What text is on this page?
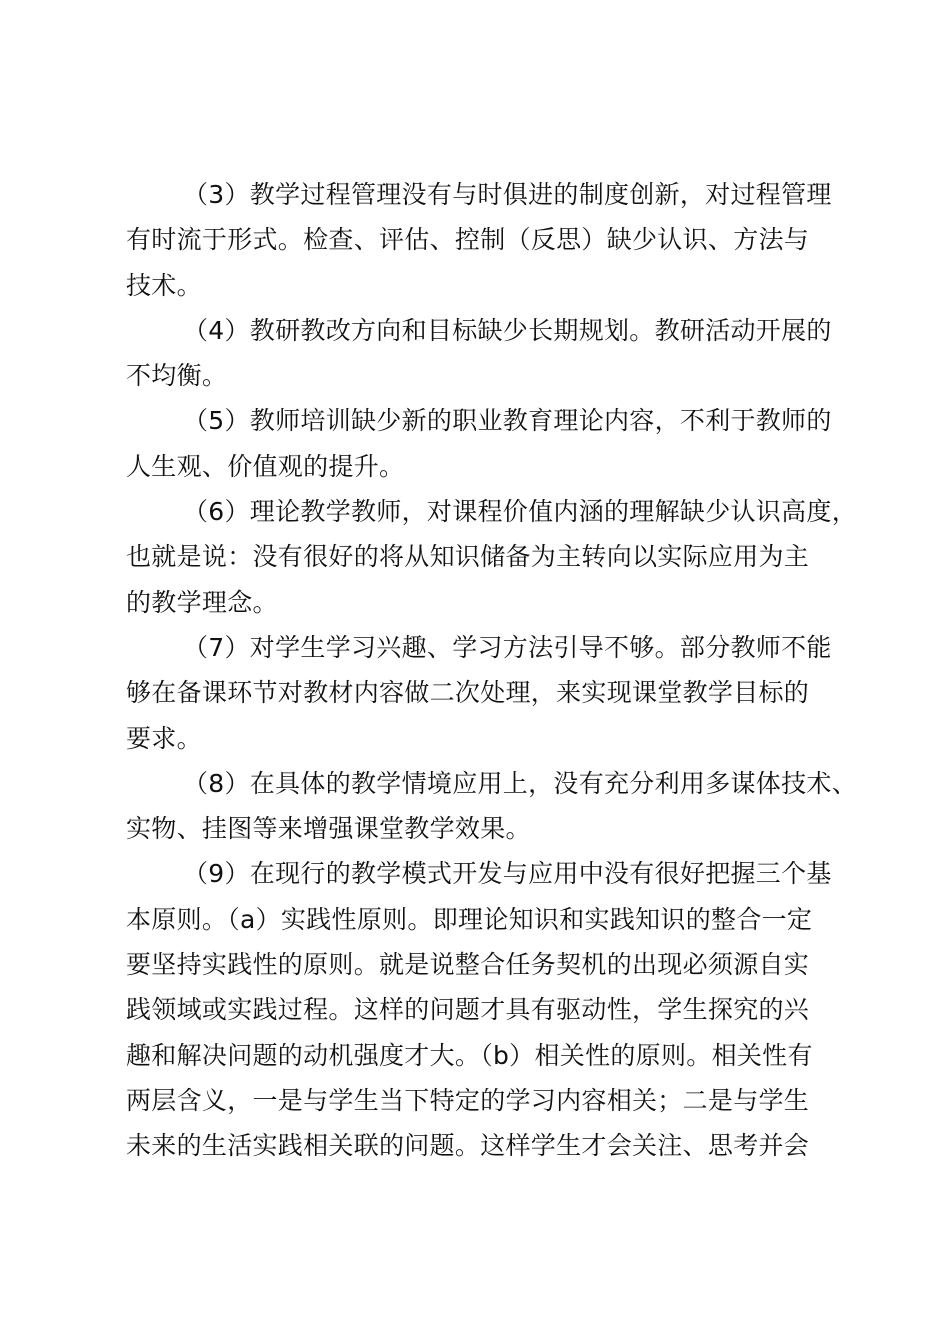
（3）教学过程管理没有与时俱进的制度创新，对过程管理
有时流于形式。检查、评估、控制（反思）缺少认识、方法与
技术。
（4）教研教改方向和目标缺少长期规划。教研活动开展的
不均衡。
（5）教师培训缺少新的职业教育理论内容，不利于教师的
人生观、价值观的提升。
（6）理论教学教师，对课程价值内涵的理解缺少认识高度，
也就是说：没有很好的将从知识储备为主转向以实际应用为主
的教学理念。
（7）对学生学习兴趣、学习方法引导不够。部分教师不能
够在备课环节对教材内容做二次处理，来实现课堂教学目标的
要求。
（8）在具体的教学情境应用上，没有充分利用多谋体技术、
实物、挂图等来增强课堂教学效果。
（9）在现行的教学模式开发与应用中没有很好把握三个基
本原则。（a）实践性原则。即理论知识和实践知识的整合一定
要坚持实践性的原则。就是说整合任务契机的出现必须源自实
践领域或实践过程。这样的问题才具有驱动性，学生探究的兴
趣和解决问题的动机强度才大。（b）相关性的原则。相关性有
两层含义，一是与学生当下特定的学习内容相关；二是与学生
未来的生活实践相关联的问题。这样学生才会关注、思考并会
